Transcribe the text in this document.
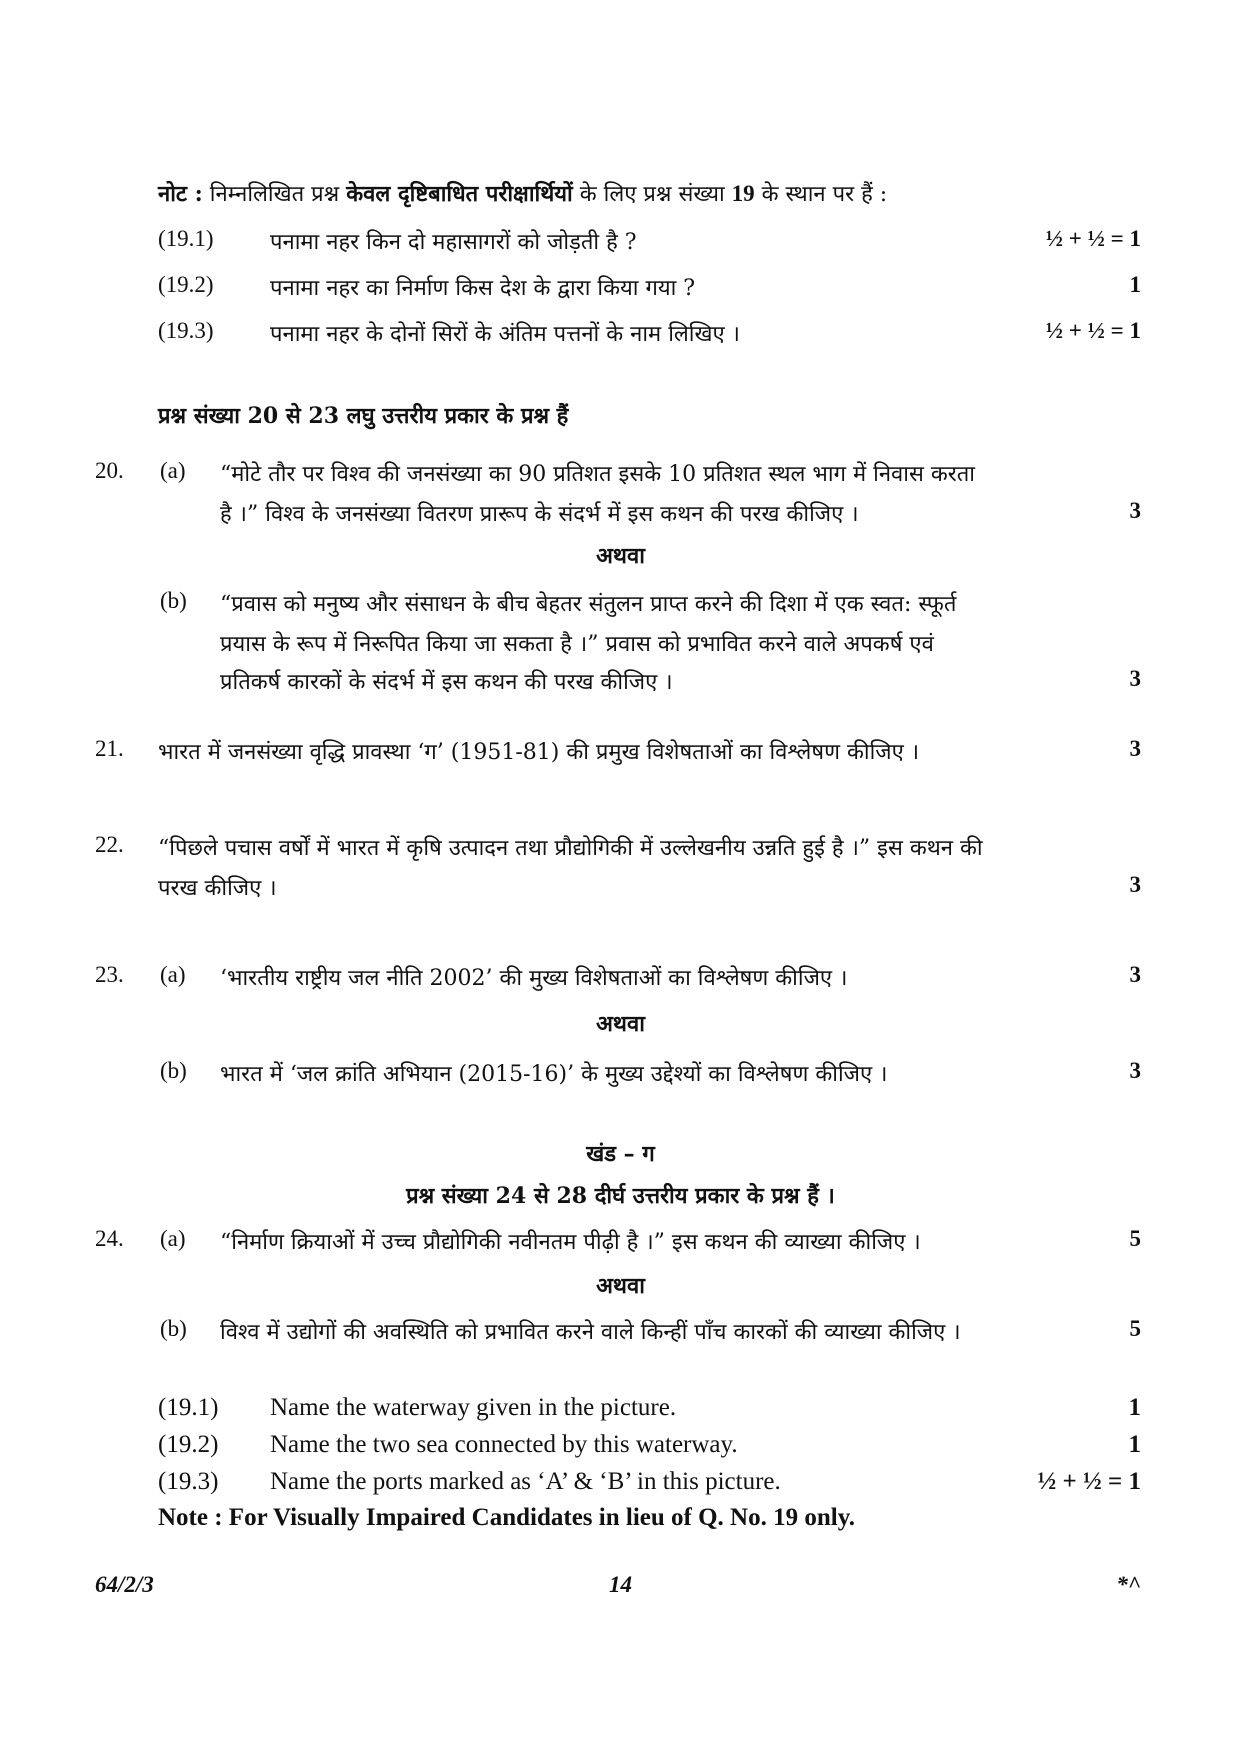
नोट : निम्नलिखित प्रश्न केवल दृष्टिबाधित परीक्षार्थियों के लिए प्रश्न संख्या 19 के स्थान पर हैं :
(19.1)	पनामा नहर किन दो महासागरों को जोड़ती है ?	½ + ½ = 1
(19.2)	पनामा नहर का निर्माण किस देश के द्वारा किया गया ?	1
(19.3)	पनामा नहर के दोनों सिरों के अंतिम पत्तनों के नाम लिखिए ।	½ + ½ = 1
प्रश्न संख्या 20 से 23 लघु उत्तरीय प्रकार के प्रश्न हैं
20. (a) “मोटे तौर पर विश्व की जनसंख्या का 90 प्रतिशत इसके 10 प्रतिशत स्थल भाग में निवास करता
है ।” विश्व के जनसंख्या वितरण प्रारूप के संदर्भ में इस कथन की परख कीजिए ।	3
अथवा
(b) “प्रवास को मनुष्य और संसाधन के बीच बेहतर संतुलन प्राप्त करने की दिशा में एक स्वत: स्फूर्त
प्रयास के रूप में निरूपित किया जा सकता है ।” प्रवास को प्रभावित करने वाले अपकर्ष एवं
प्रतिकर्ष कारकों के संदर्भ में इस कथन की परख कीजिए ।	3
21. भारत में जनसंख्या वृद्धि प्रावस्था ‘ग’ (1951-81) की प्रमुख विशेषताओं का विश्लेषण कीजिए ।	3
22. “पिछले पचास वर्षों में भारत में कृषि उत्पादन तथा प्रौद्योगिकी में उल्लेखनीय उन्नति हुई है ।” इस कथन की
परख कीजिए ।	3
23. (a) ‘भारतीय राष्ट्रीय जल नीति 2002’ की मुख्य विशेषताओं का विश्लेषण कीजिए ।	3
अथवा
(b) भारत में ‘जल क्रांति अभियान (2015-16)’ के मुख्य उद्देश्यों का विश्लेषण कीजिए ।	3
खंड – ग
प्रश्न संख्या 24 से 28 दीर्घ उत्तरीय प्रकार के प्रश्न हैं ।
24. (a) “निर्माण क्रियाओं में उच्च प्रौद्योगिकी नवीनतम पीढ़ी है ।” इस कथन की व्याख्या कीजिए ।	5
अथवा
(b) विश्व में उद्योगों की अवस्थिति को प्रभावित करने वाले किन्हीं पाँच कारकों की व्याख्या कीजिए ।	5
(19.1) Name the waterway given in the picture.	1
(19.2) Name the two sea connected by this waterway.	1
(19.3) Name the ports marked as ‘A’ & ‘B’ in this picture.	½ + ½ = 1
Note : For Visually Impaired Candidates in lieu of Q. No. 19 only.
64/2/3	14	*^
